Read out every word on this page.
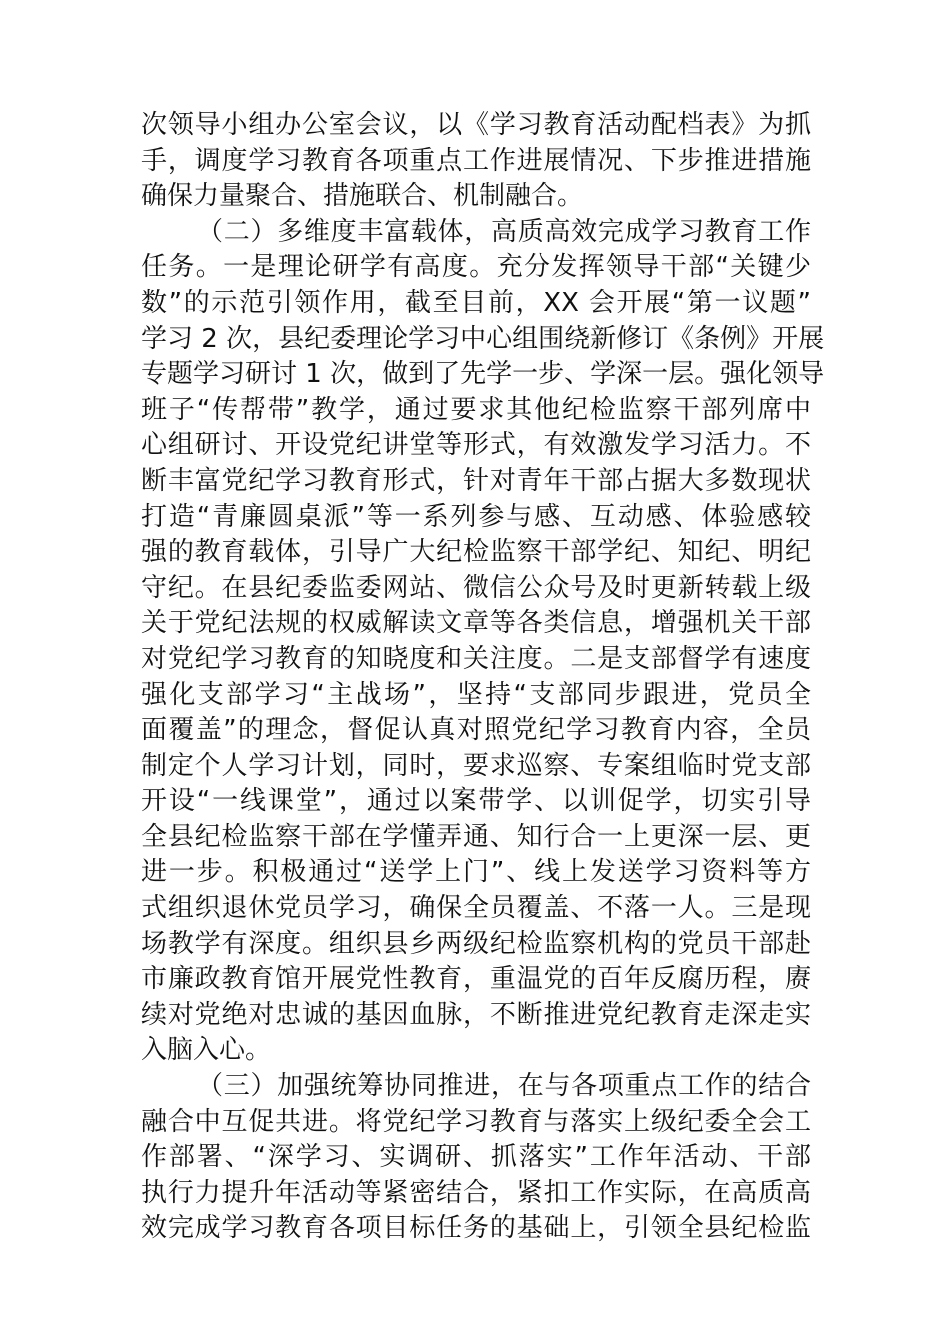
次领导小组办公室会议，以《学习教育活动配档表》为抓
手，调度学习教育各项重点工作进展情况、下步推进措施
确保力量聚合、措施联合、机制融合。
（二）多维度丰富载体，高质高效完成学习教育工作
任务。一是理论研学有高度。充分发挥领导干部“关键少
数”的示范引领作用，截至目前，XX 会开展“第一议题”
学习 2 次，县纪委理论学习中心组围绕新修订《条例》开展
专题学习研讨 1 次，做到了先学一步、学深一层。强化领导
班子“传帮带”教学，通过要求其他纪检监察干部列席中
心组研讨、开设党纪讲堂等形式，有效激发学习活力。不
断丰富党纪学习教育形式，针对青年干部占据大多数现状
打造“青廉圆桌派”等一系列参与感、互动感、体验感较
强的教育载体，引导广大纪检监察干部学纪、知纪、明纪
守纪。在县纪委监委网站、微信公众号及时更新转载上级
关于党纪法规的权威解读文章等各类信息，增强机关干部
对党纪学习教育的知晓度和关注度。二是支部督学有速度
强化支部学习“主战场”，坚持“支部同步跟进，党员全
面覆盖”的理念，督促认真对照党纪学习教育内容，全员
制定个人学习计划，同时，要求巡察、专案组临时党支部
开设“一线课堂”，通过以案带学、以训促学，切实引导
全县纪检监察干部在学懂弄通、知行合一上更深一层、更
进一步。积极通过“送学上门”、线上发送学习资料等方
式组织退休党员学习，确保全员覆盖、不落一人。三是现
场教学有深度。组织县乡两级纪检监察机构的党员干部赴
市廉政教育馆开展党性教育，重温党的百年反腐历程，赓
续对党绝对忠诚的基因血脉，不断推进党纪教育走深走实
入脑入心。
（三）加强统筹协同推进，在与各项重点工作的结合
融合中互促共进。将党纪学习教育与落实上级纪委全会工
作部署、“深学习、实调研、抓落实”工作年活动、干部
执行力提升年活动等紧密结合，紧扣工作实际，在高质高
效完成学习教育各项目标任务的基础上，引领全县纪检监
